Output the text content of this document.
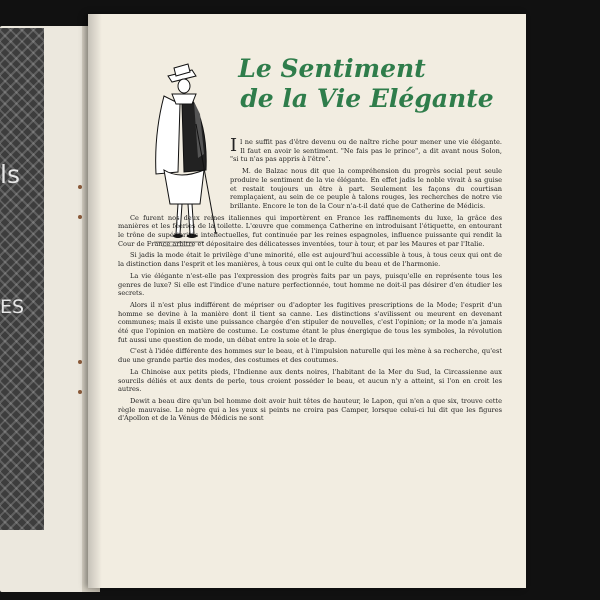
ls
ES
Le Sentiment
de la Vie Elégante

I l ne suffit pas d'être devenu ou de naître riche pour mener une vie élégante. Il faut en avoir le sentiment. "Ne fais pas le prince", a dit avant nous Solon, "si tu n'as pas appris à l'être".

M. de Balzac nous dit que la compréhension du progrès social peut seule produire le sentiment de la vie élégante. En effet jadis le noble vivait à sa guise et restait toujours un être à part. Seulement les façons du courtisan remplaçaient, au sein de ce peuple à talons rouges, les recherches de notre vie brillante. Encore le ton de la Cour n'a-t-il daté que de Catherine de Médicis.

Ce furent nos deux reines italiennes qui importèrent en France les raffinements du luxe, la grâce des manières et les féeries de la toilette. L'œuvre que commença Catherine en introduisant l'étiquette, en entourant le trône de supériorités intellectuelles, fut continuée par les reines espagnoles, influence puissante qui rendit la Cour de France arbitre et dépositaire des délicatesses inventées, tour à tour, et par les Maures et par l'Italie.

Si jadis la mode était le privilège d'une minorité, elle est aujourd'hui accessible à tous, à tous ceux qui ont de la distinction dans l'esprit et les manières, à tous ceux qui ont le culte du beau et de l'harmonie.

La vie élégante n'est-elle pas l'expression des progrès faits par un pays, puisqu'elle en représente tous les genres de luxe? Si elle est l'indice d'une nature perfectionnée, tout homme ne doit-il pas désirer d'en étudier les secrets.

Alors il n'est plus indifférent de mépriser ou d'adopter les fugitives prescriptions de la Mode; l'esprit d'un homme se devine à la manière dont il tient sa canne. Les distinctions s'avilissent ou meurent en devenant communes; mais il existe une puissance chargée d'en stipuler de nouvelles, c'est l'opinion; or la mode n'a jamais été que l'opinion en matière de costume. Le costume étant le plus énergique de tous les symboles, la révolution fut aussi une question de mode, un débat entre la soie et le drap.

C'est à l'idée différente des hommes sur le beau, et à l'impulsion naturelle qui les mène à sa recherche, qu'est due une grande partie des modes, des costumes et des coutumes.

La Chinoise aux petits pieds, l'Indienne aux dents noires, l'habitant de la Mer du Sud, la Circassienne aux sourcils déliés et aux dents de perle, tous croient posséder le beau, et aucun n'y a atteint, si l'on en croit les autres.

Dewit a beau dire qu'un bel homme doit avoir huit têtes de hauteur, le Lapon, qui n'en a que six, trouve cette règle mauvaise. Le nègre qui a les yeux si peints ne croira pas Camper, lorsque celui-ci lui dit que les figures d'Apollon et de la Vénus de Médicis ne sont
